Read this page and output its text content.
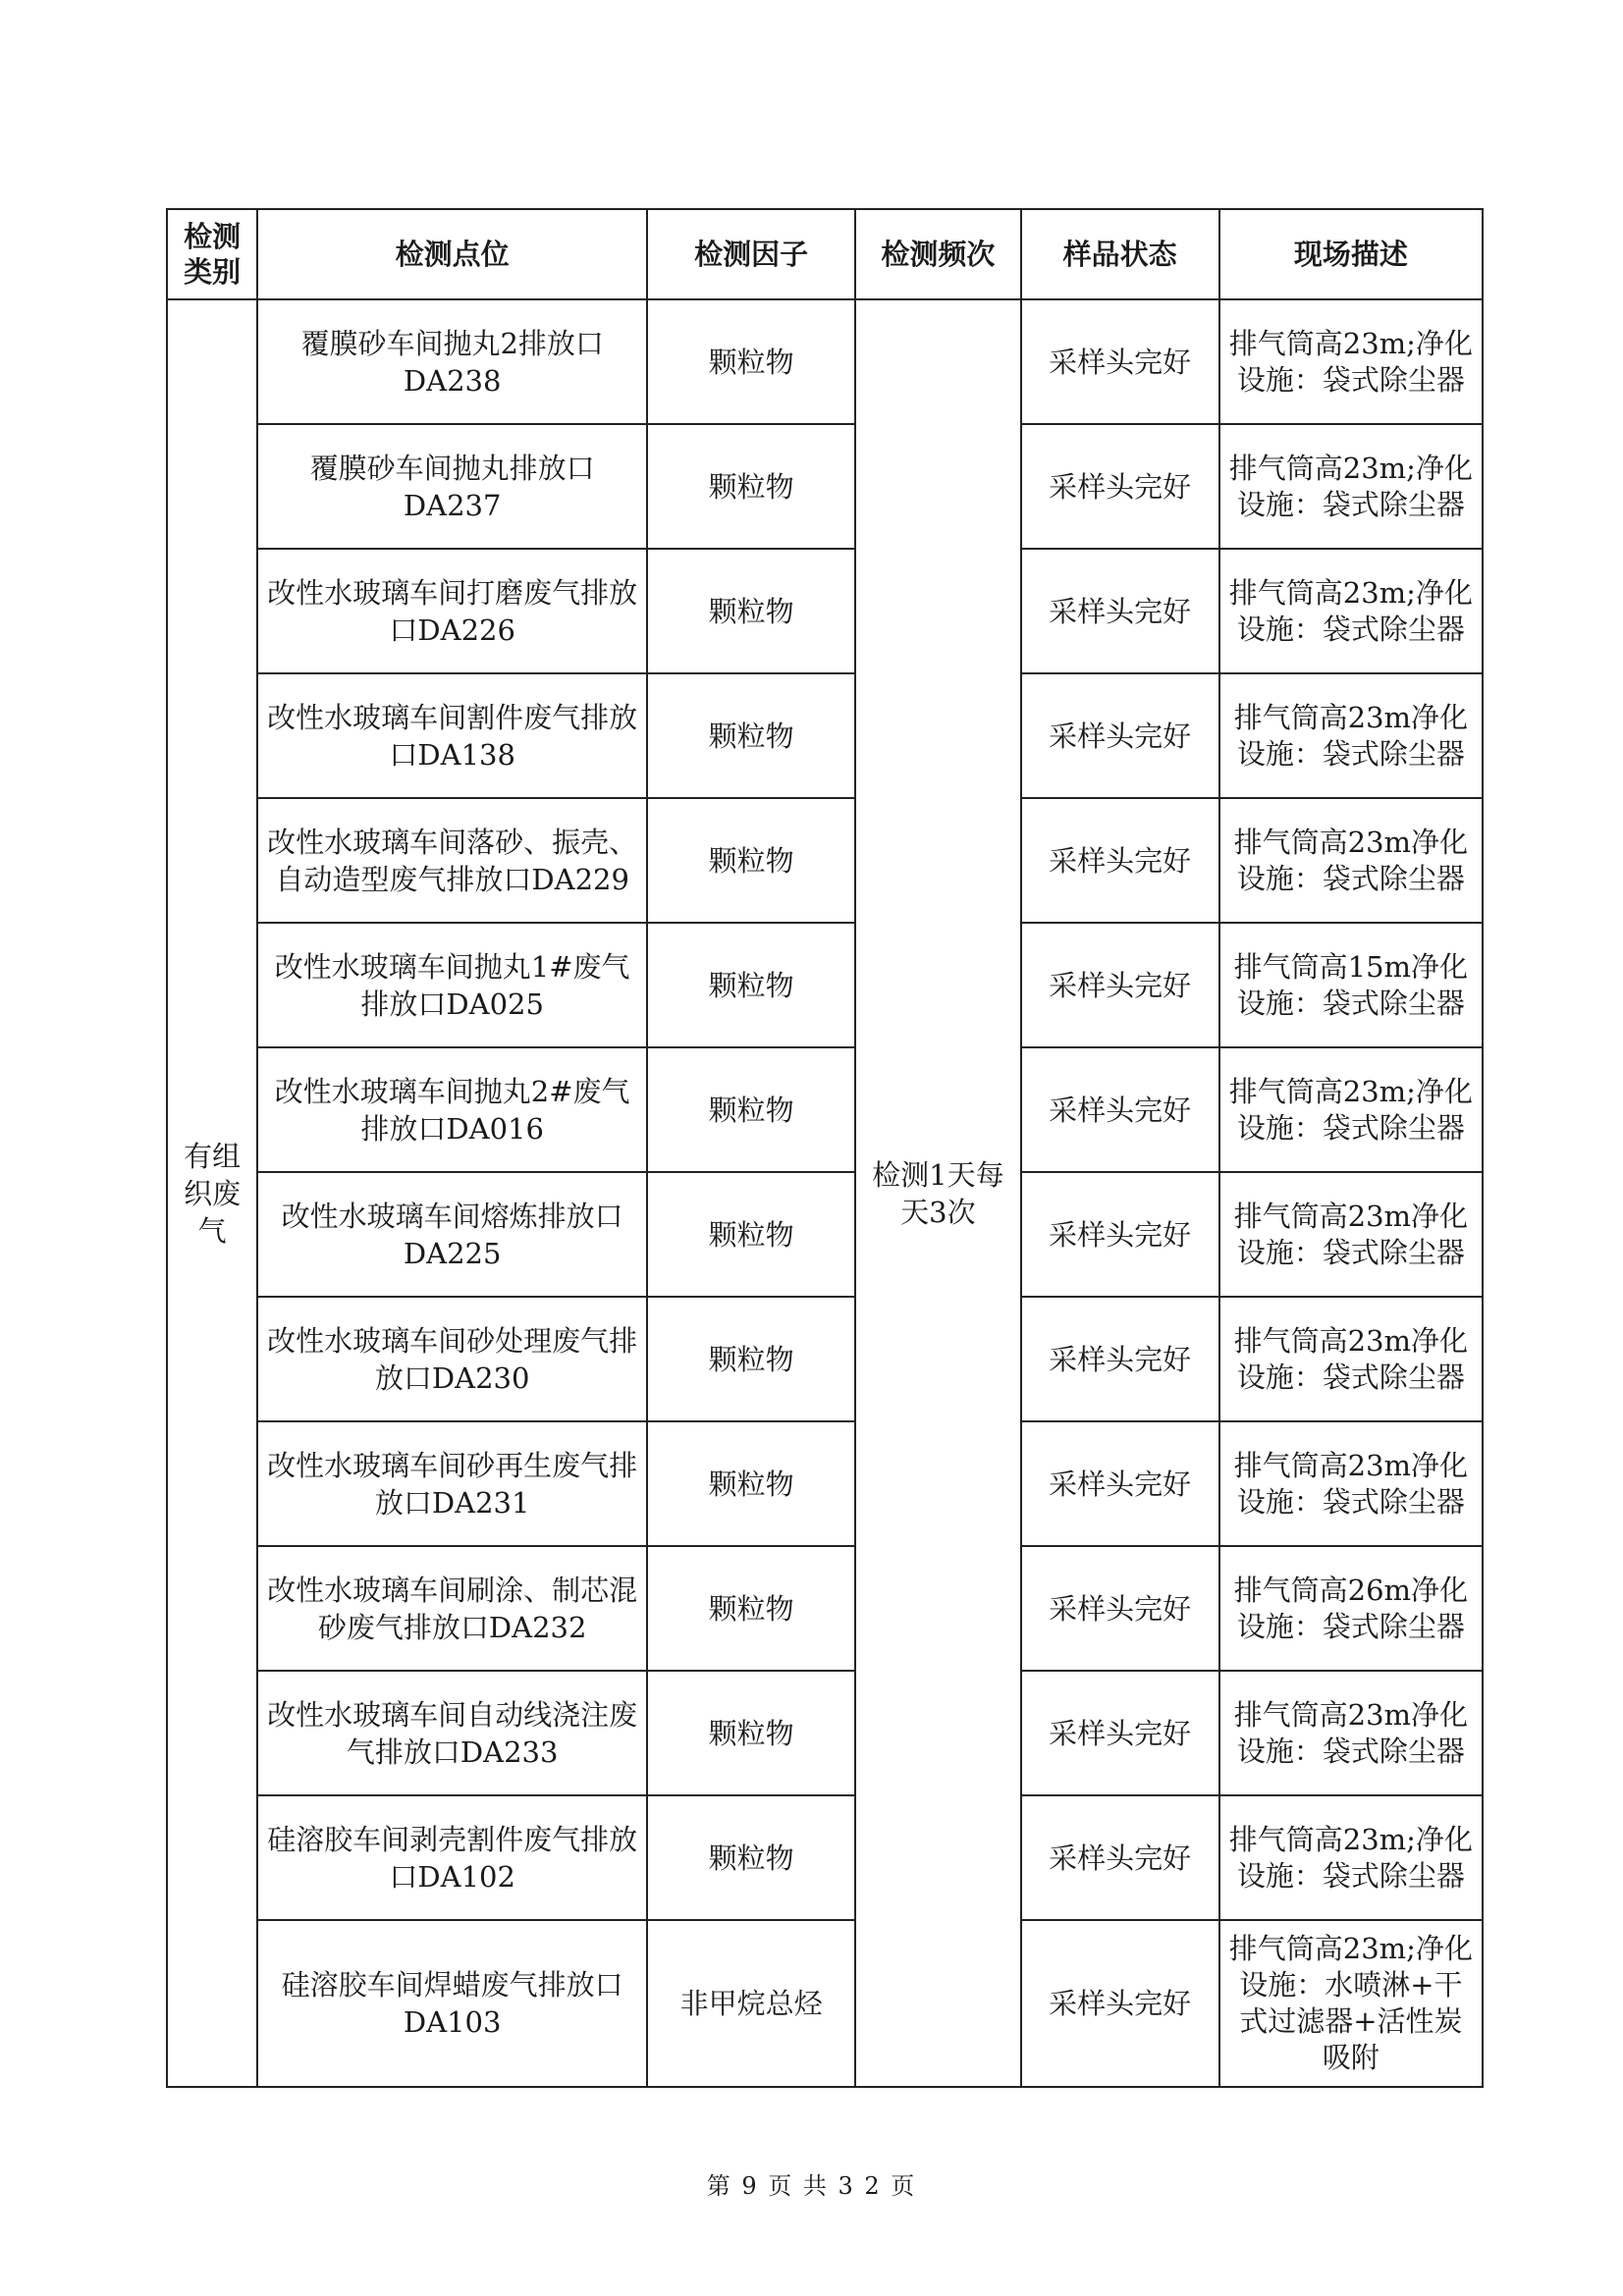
检测类别	检测点位	检测因子	检测频次	样品状态	现场描述
有组织废气	覆膜砂车间抛丸2排放口DA238	颗粒物	检测1天每天3次	采样头完好	排气筒高23m;净化设施：袋式除尘器
	覆膜砂车间抛丸排放口DA237	颗粒物		采样头完好	排气筒高23m;净化设施：袋式除尘器
	改性水玻璃车间打磨废气排放口DA226	颗粒物		采样头完好	排气筒高23m;净化设施：袋式除尘器
	改性水玻璃车间割件废气排放口DA138	颗粒物		采样头完好	排气筒高23m净化设施：袋式除尘器
	改性水玻璃车间落砂、振壳、自动造型废气排放口DA229	颗粒物		采样头完好	排气筒高23m净化设施：袋式除尘器
	改性水玻璃车间抛丸1#废气排放口DA025	颗粒物		采样头完好	排气筒高15m净化设施：袋式除尘器
	改性水玻璃车间抛丸2#废气排放口DA016	颗粒物		采样头完好	排气筒高23m;净化设施：袋式除尘器
	改性水玻璃车间熔炼排放口DA225	颗粒物		采样头完好	排气筒高23m净化设施：袋式除尘器
	改性水玻璃车间砂处理废气排放口DA230	颗粒物		采样头完好	排气筒高23m净化设施：袋式除尘器
	改性水玻璃车间砂再生废气排放口DA231	颗粒物		采样头完好	排气筒高23m净化设施：袋式除尘器
	改性水玻璃车间刷涂、制芯混砂废气排放口DA232	颗粒物		采样头完好	排气筒高26m净化设施：袋式除尘器
	改性水玻璃车间自动线浇注废气排放口DA233	颗粒物		采样头完好	排气筒高23m净化设施：袋式除尘器
	硅溶胶车间剥壳割件废气排放口DA102	颗粒物		采样头完好	排气筒高23m;净化设施：袋式除尘器
	硅溶胶车间焊蜡废气排放口DA103	非甲烷总烃		采样头完好	排气筒高23m;净化设施：水喷淋+干式过滤器+活性炭吸附
第 9 页 共 3 2 页
